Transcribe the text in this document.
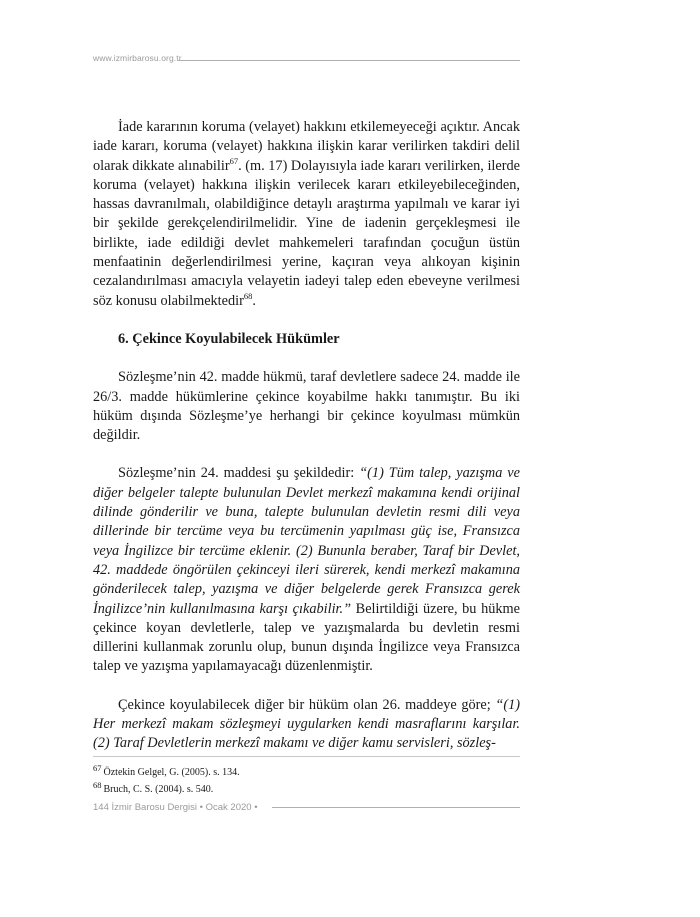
www.izmirbarosu.org.tr

İade kararının koruma (velayet) hakkını etkilemeyeceği açıktır. Ancak iade kararı, koruma (velayet) hakkına ilişkin karar verilirken takdiri delil olarak dikkate alınabilir$^{67}$. (m. 17) Dolayısıyla iade kararı verilirken, ilerde koruma (velayet) hakkına ilişkin verilecek kararı etkileyebileceğinden, hassas davranılmalı, olabildiğince detaylı araştırma yapılmalı ve karar iyi bir şekilde gerekçelendirilmelidir. Yine de iadenin gerçekleşmesi ile birlikte, iade edildiği devlet mahkemeleri tarafından çocuğun üstün menfaatinin değerlendirilmesi yerine, kaçıran veya alıkoyan kişinin cezalandırılması amacıyla velayetin iadeyi talep eden ebeveyne verilmesi söz konusu olabilmektedir$^{68}$.

6. Çekince Koyulabilecek Hükümler

Sözleşme’nin 42. madde hükmü, taraf devletlere sadece 24. madde ile 26/3. madde hükümlerine çekince koyabilme hakkı tanımıştır. Bu iki hüküm dışında Sözleşme’ye herhangi bir çekince koyulması mümkün değildir.

Sözleşme’nin 24. maddesi şu şekildedir: “(1) Tüm talep, yazışma ve diğer belgeler talepte bulunulan Devlet merkezî makamına kendi orijinal dilinde gönderilir ve buna, talepte bulunulan devletin resmi dili veya dillerinde bir tercüme veya bu tercümenin yapılması güç ise, Fransızca veya İngilizce bir tercüme eklenir. (2) Bununla beraber, Taraf bir Devlet, 42. maddede öngörülen çekinceyi ileri sürerek, kendi merkezî makamına gönderilecek talep, yazışma ve diğer belgelerde gerek Fransızca gerek İngilizce’nin kullanılmasına karşı çıkabilir.” Belirtildiği üzere, bu hükme çekince koyan devletlerle, talep ve yazışmalarda bu devletin resmi dillerini kullanmak zorunlu olup, bunun dışında İngilizce veya Fransızca talep ve yazışma yapılamayacağı düzenlenmiştir.

Çekince koyulabilecek diğer bir hüküm olan 26. maddeye göre; “(1) Her merkezî makam sözleşmeyi uygularken kendi masraflarını karşılar. (2) Taraf Devletlerin merkezî makamı ve diğer kamu servisleri, sözleş-

$^{67}$ Öztekin Gelgel, G. (2005). s. 134.
$^{68}$ Bruch, C. S. (2004). s. 540.
144 İzmir Barosu Dergisi • Ocak 2020 •
